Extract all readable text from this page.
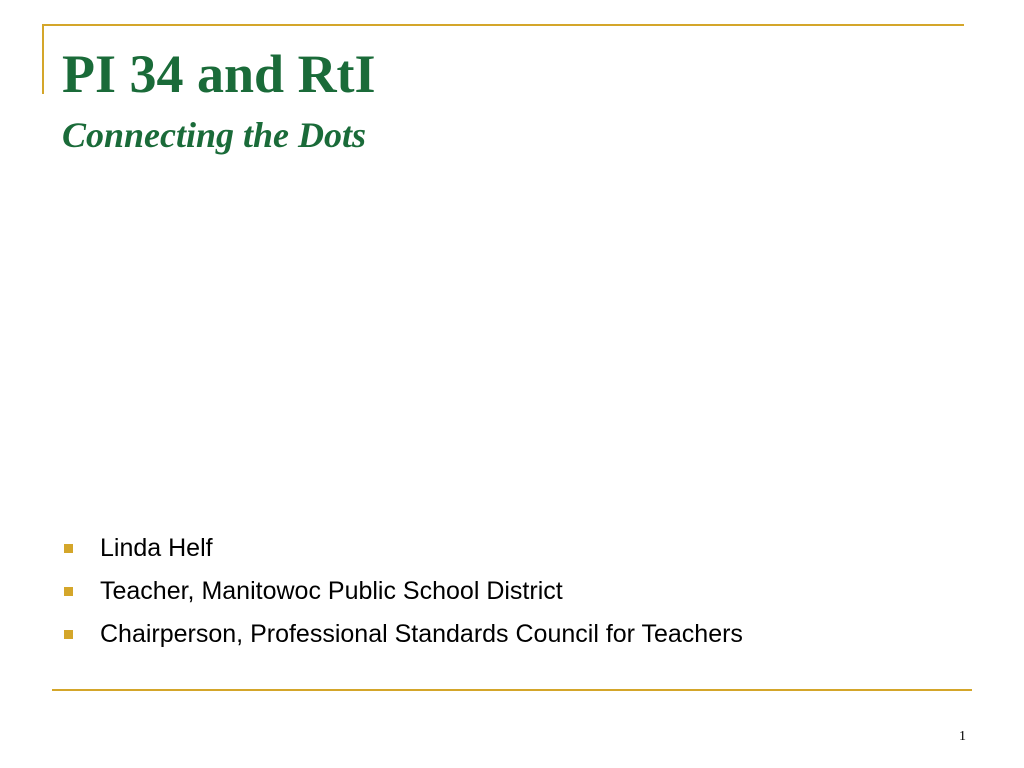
PI 34 and RtI
Connecting the Dots
Linda Helf
Teacher, Manitowoc Public School District
Chairperson, Professional Standards Council for Teachers
1
